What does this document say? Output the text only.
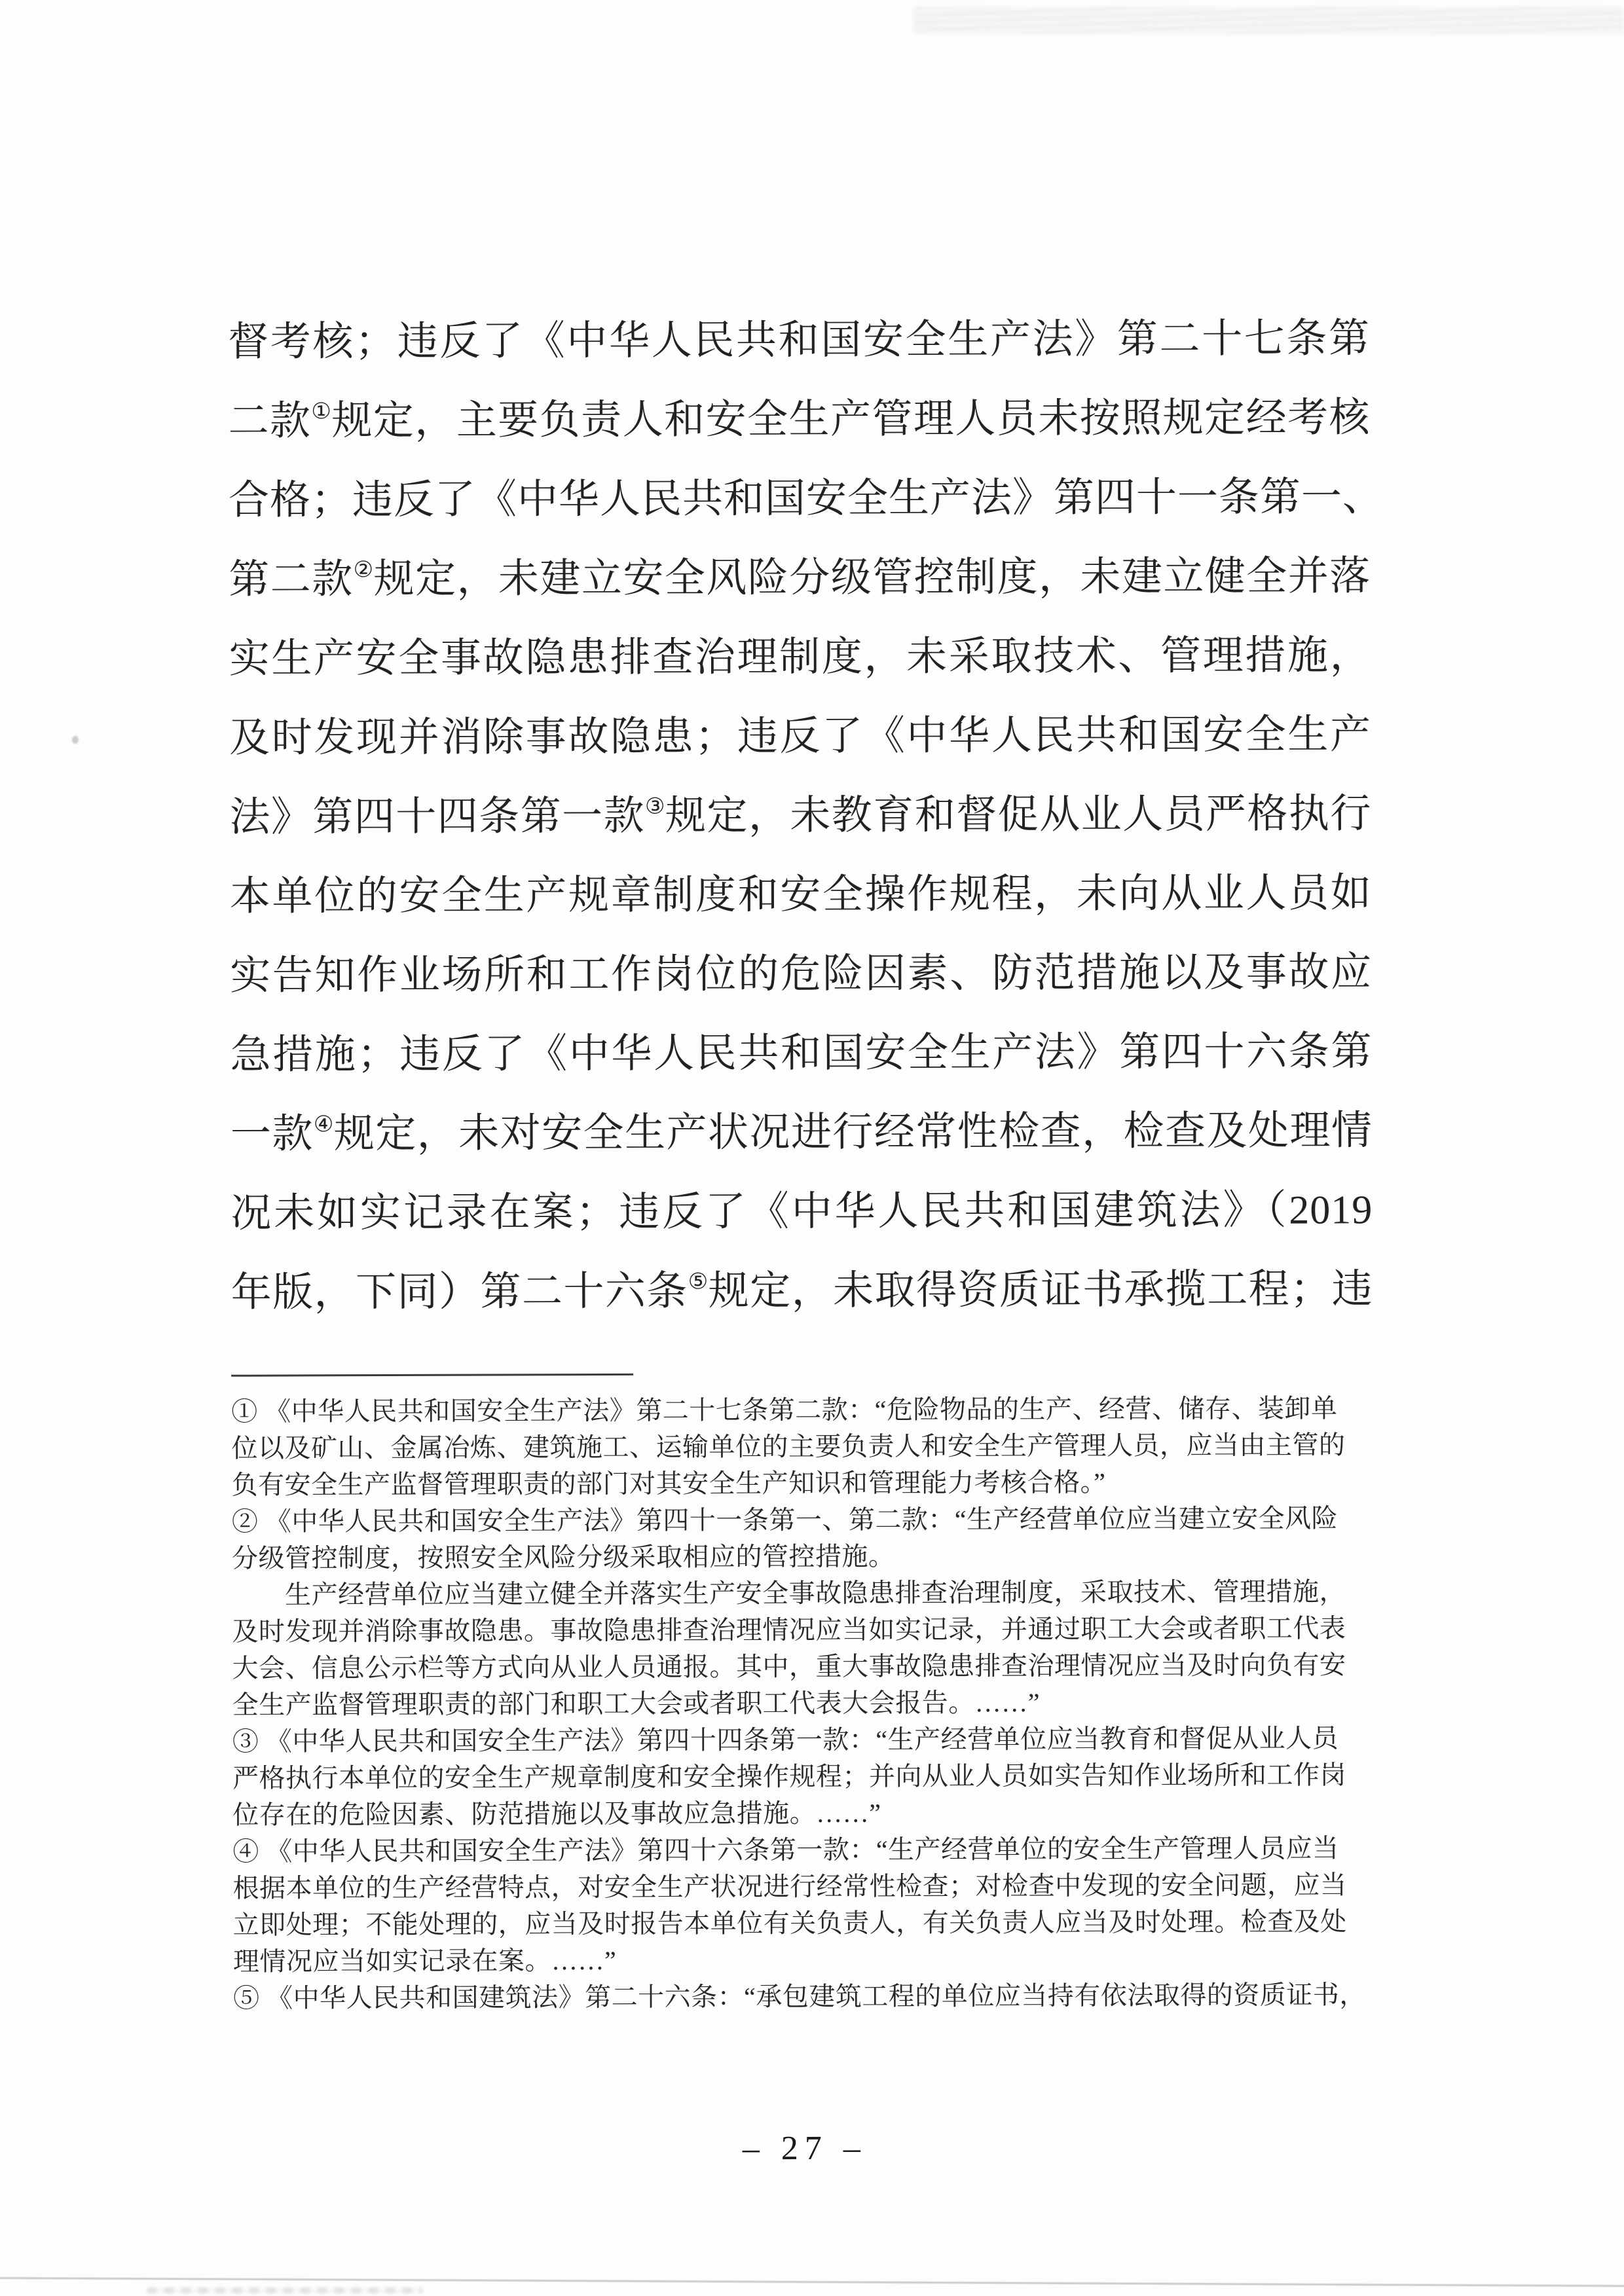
督考核；违反了《中华人民共和国安全生产法》第二十七条第
二款①规定，主要负责人和安全生产管理人员未按照规定经考核
合格；违反了《中华人民共和国安全生产法》第四十一条第一、
第二款②规定，未建立安全风险分级管控制度，未建立健全并落
实生产安全事故隐患排查治理制度，未采取技术、管理措施，
及时发现并消除事故隐患；违反了《中华人民共和国安全生产
法》第四十四条第一款③规定，未教育和督促从业人员严格执行
本单位的安全生产规章制度和安全操作规程，未向从业人员如
实告知作业场所和工作岗位的危险因素、防范措施以及事故应
急措施；违反了《中华人民共和国安全生产法》第四十六条第
一款④规定，未对安全生产状况进行经常性检查，检查及处理情
况未如实记录在案；违反了《中华人民共和国建筑法》（2019
年版，下同）第二十六条⑤规定，未取得资质证书承揽工程；违
① 《中华人民共和国安全生产法》第二十七条第二款：“危险物品的生产、经营、储存、装卸单
位以及矿山、金属冶炼、建筑施工、运输单位的主要负责人和安全生产管理人员，应当由主管的
负有安全生产监督管理职责的部门对其安全生产知识和管理能力考核合格。”
② 《中华人民共和国安全生产法》第四十一条第一、第二款：“生产经营单位应当建立安全风险
分级管控制度，按照安全风险分级采取相应的管控措施。
　　生产经营单位应当建立健全并落实生产安全事故隐患排查治理制度，采取技术、管理措施，
及时发现并消除事故隐患。事故隐患排查治理情况应当如实记录，并通过职工大会或者职工代表
大会、信息公示栏等方式向从业人员通报。其中，重大事故隐患排查治理情况应当及时向负有安
全生产监督管理职责的部门和职工大会或者职工代表大会报告。……”
③ 《中华人民共和国安全生产法》第四十四条第一款：“生产经营单位应当教育和督促从业人员
严格执行本单位的安全生产规章制度和安全操作规程；并向从业人员如实告知作业场所和工作岗
位存在的危险因素、防范措施以及事故应急措施。……”
④ 《中华人民共和国安全生产法》第四十六条第一款：“生产经营单位的安全生产管理人员应当
根据本单位的生产经营特点，对安全生产状况进行经常性检查；对检查中发现的安全问题，应当
立即处理；不能处理的，应当及时报告本单位有关负责人，有关负责人应当及时处理。检查及处
理情况应当如实记录在案。……”
⑤ 《中华人民共和国建筑法》第二十六条：“承包建筑工程的单位应当持有依法取得的资质证书，
– 27 –
